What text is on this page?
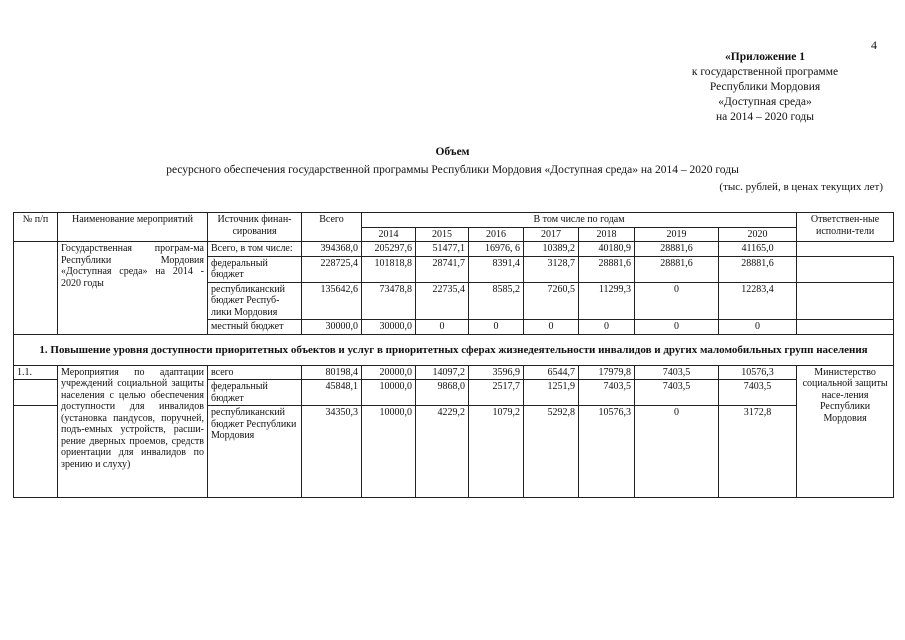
4
«Приложение 1
к государственной программе
Республики Мордовия
«Доступная среда»
на 2014 – 2020 годы
Объем
ресурсного обеспечения государственной программы Республики Мордовия «Доступная среда» на 2014 – 2020 годы
(тыс. рублей, в ценах текущих лет)
№ п/п	Наименование мероприятий	Источник финан-сирования	Всего	В том числе по годам							Ответствен-ные исполни-тели
				2014	2015	2016	2017	2018	2019	2020	
	Государственная програм-ма Республики Мордовия «Доступная среда» на 2014 - 2020 годы	Всего, в том числе:	394368,0	205297,6	51477,1	16976, 6	10389,2	40180,9	28881,6	41165,0	
		федеральный бюджет	228725,4	101818,8	28741,7	8391,4	3128,7	28881,6	28881,6	28881,6	
		республиканский бюджет Респуб-лики Мордовия	135642,6	73478,8	22735,4	8585,2	7260,5	11299,3	0	12283,4	
		местный бюджет	30000,0	30000,0	0	0	0	0	0	0	
1. Повышение уровня доступности приоритетных объектов и услуг в приоритетных сферах жизнедеятельности инвалидов и других маломобильных групп населения											
1.1.	Мероприятия по адаптации учреждений социальной защиты населения с целью обеспечения доступности для инвалидов (установка пандусов, поручней, подъ-емных устройств, расши-рение дверных проемов, средств ориентации для инвалидов по зрению и слуху)	всего	80198,4	20000,0	14097,2	3596,9	6544,7	17979,8	7403,5	10576,3	Министерство социальной защиты насе-ления Республики Мордовия
		федеральный бюджет	45848,1	10000,0	9868,0	2517,7	1251,9	7403,5	7403,5	7403,5	
		республиканский бюджет Республики Мордовия	34350,3	10000,0	4229,2	1079,2	5292,8	10576,3	0	3172,8	
